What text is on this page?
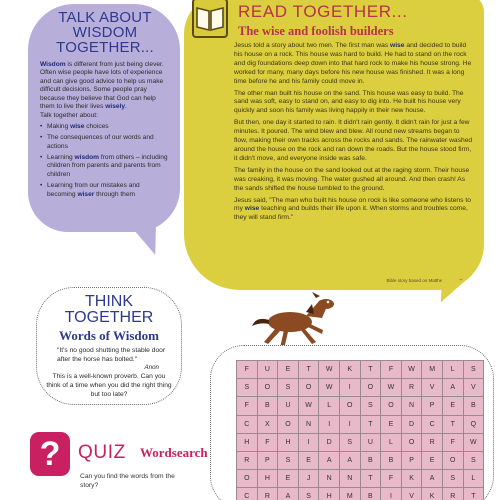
TALK ABOUT
WISDOM TOGETHER...

Wisdom is different from just being clever. Often wise people have lots of experience and can give good advice to help us make difficult decisions. Some people pray because they believe that God can help them to live their lives wisely.

Talk together about:

• Making wise choices
• The consequences of our words and actions
• Learning wisdom from others – including children from parents and parents from children
• Learning from our mistakes and becoming wiser through them
READ TOGETHER...
The wise and foolish builders

Jesus told a story about two men. The first man was wise and decided to build his house on a rock. This house was hard to build. He had to stand on the rock and dig foundations deep down into that hard rock to make his house strong. He worked for many, many days before his new house was finished. It was a long time before he and his family could move in.

The other man built his house on the sand. This house was easy to build. The sand was soft, easy to stand on, and easy to dig into. He built his house very quickly and soon his family was living happily in their new house.

But then, one day it started to rain. It didn't rain gently. It didn't rain for just a few minutes. It poured. The wind blew and blew. All round new streams began to flow, making their own tracks across the rocks and sands. The rainwater washed around the house on the rock and ran down the roads. But the house stood firm, it didn't move, and everyone inside was safe.

The family in the house on the sand looked out at the raging storm. Their house was creaking, it was moving. The water gushed all around. And then crash! As the sands shifted the house tumbled to the ground.

Jesus said, "The man who built his house on rock is like someone who listens to my wise teaching and builds their life upon it. When storms and troubles come, they will stand firm."

Bible story based on Matthew 7:24-27
THINK TOGETHER
Words of Wisdom
"It's no good shutting the stable door after the horse has bolted."
Anon
This is a well-known proverb. Can you think of a time when you did the right thing but too late?
F	U	E	T	W	K	T	F	W	M	L	S
S	O	S	O	W	I	O	W	R	V	A	V
F	B	U	W	L	O	S	O	N	P	E	B
C	X	O	N	I	I	T	E	D	C	T	Q
H	F	H	I	D	S	U	L	O	R	F	W
R	P	S	E	A	A	B	B	P	E	O	S
O	H	E	J	N	N	T	F	K	A	S	L
C	R	A	S	H	M	B	I	V	K	R	T
? QUIZ Wordsearch
Can you find the words from the story?
